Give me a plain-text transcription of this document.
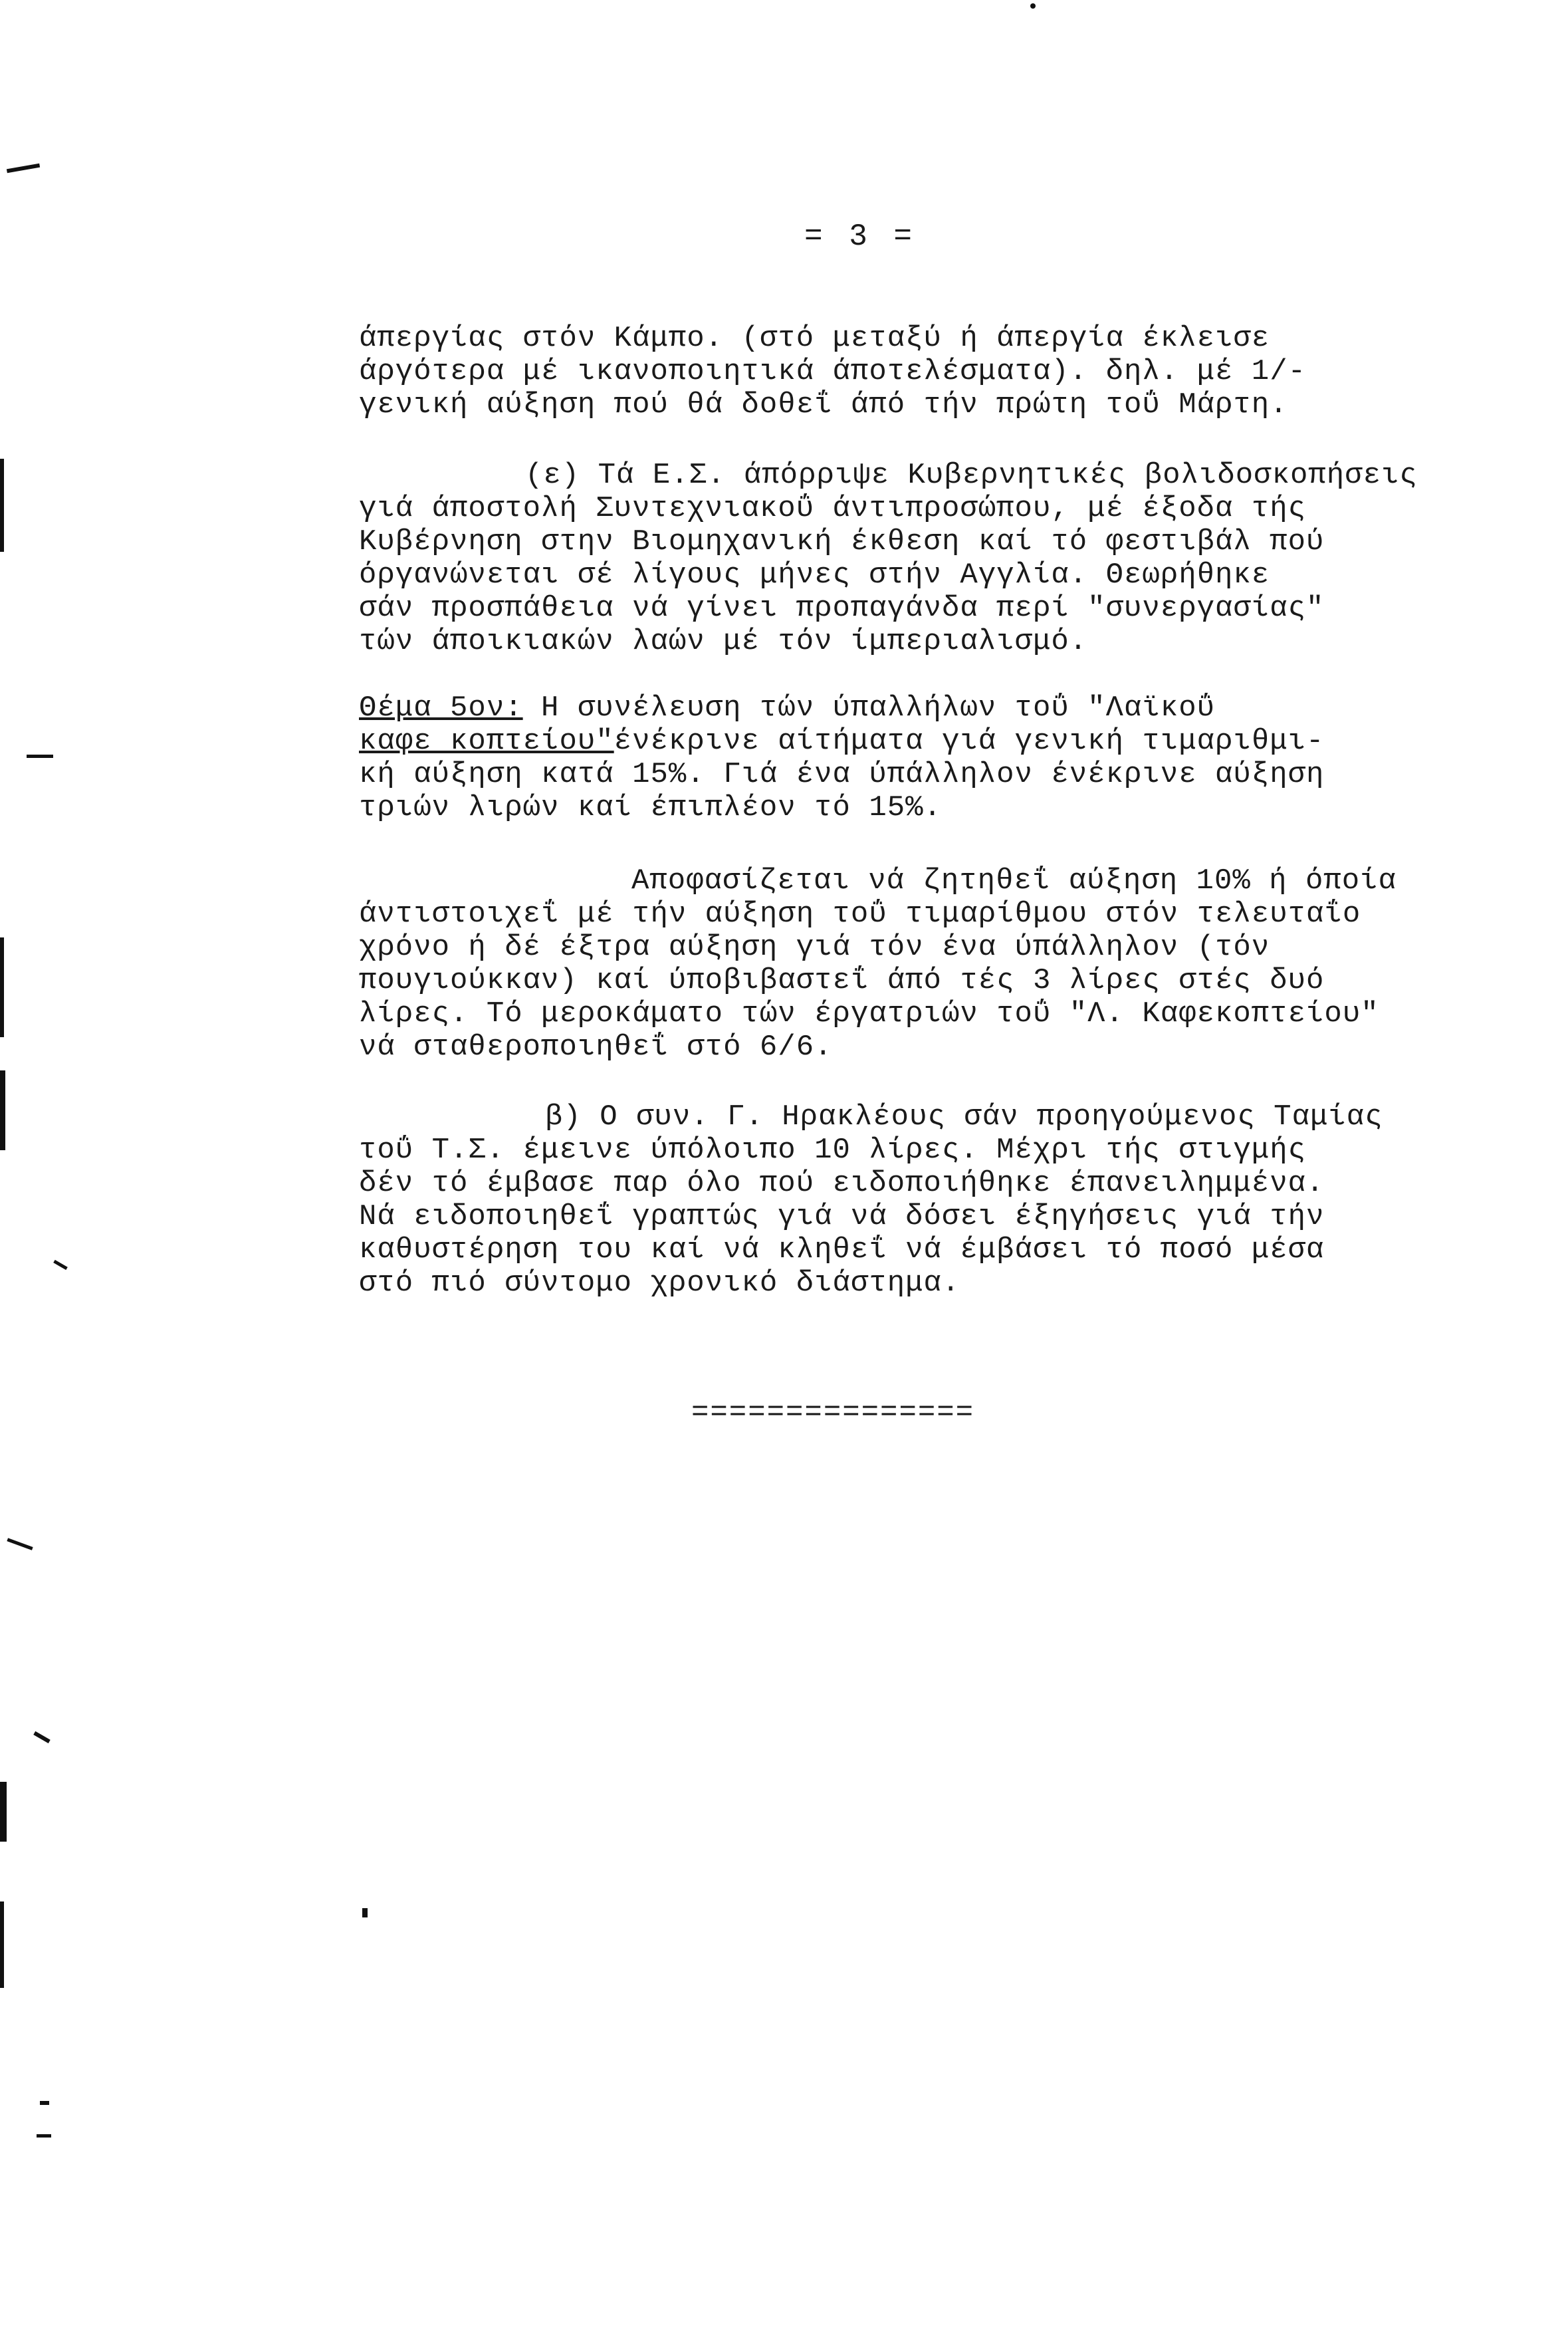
= 3 =
άπεργίας στόν Κάμπο. (στό μεταξύ ή άπεργία έκλεισε
άργότερα μέ ικανοποιητικά άποτελέσματα). δηλ. μέ 1/-
γενική αύξηση πού θά δοθεΐ άπό τήν πρώτη τοΰ Μάρτη.
(ε) Τά Ε.Σ. άπόρριψε Κυβερνητικές βολιδοσκοπήσεις
γιά άποστολή Συντεχνιακοΰ άντιπροσώπου, μέ έξοδα τής
Κυβέρνηση στην Βιομηχανική έκθεση καί τό φεστιβάλ πού
όργανώνεται σέ λίγους μήνες στήν Αγγλία. Θεωρήθηκε
σάν προσπάθεια νά γίνει προπαγάνδα περί "συνεργασίας"
τών άποικιακών λαών μέ τόν ίμπεριαλισμό.
Θέμα 5ον: Η συνέλευση τών ύπαλλήλων τοΰ "Λαϊκοΰ
καφε κοπτείου"ένέκρινε αίτήματα γιά γενική τιμαριθμι-
κή αύξηση κατά 15%. Γιά ένα ύπάλληλον ένέκρινε αύξηση
τριών λιρών καί έπιπλέον τό 15%.
Αποφασίζεται νά ζητηθεΐ αύξηση 10% ή όποία
άντιστοιχεΐ μέ τήν αύξηση τοΰ τιμαρίθμου στόν τελευταΐο
χρόνο ή δέ έξτρα αύξηση γιά τόν ένα ύπάλληλον (τόν
πουγιούκκαν) καί ύποβιβαστεΐ άπό τές 3 λίρες στές δυό
λίρες. Τό μεροκάματο τών έργατριών τοΰ "Λ. Καφεκοπτείου"
νά σταθεροποιηθεΐ στό 6/6.
β) Ο συν. Γ. Ηρακλέους σάν προηγούμενος Ταμίας
τοΰ Τ.Σ. έμεινε ύπόλοιπο 10 λίρες. Μέχρι τής στιγμής
δέν τό έμβασε παρ όλο πού ειδοποιήθηκε έπανειλημμένα.
Νά ειδοποιηθεΐ γραπτώς γιά νά δόσει έξηγήσεις γιά τήν
καθυστέρηση του καί νά κληθεΐ νά έμβάσει τό ποσό μέσα
στό πιό σύντομο χρονικό διάστημα.
===============
